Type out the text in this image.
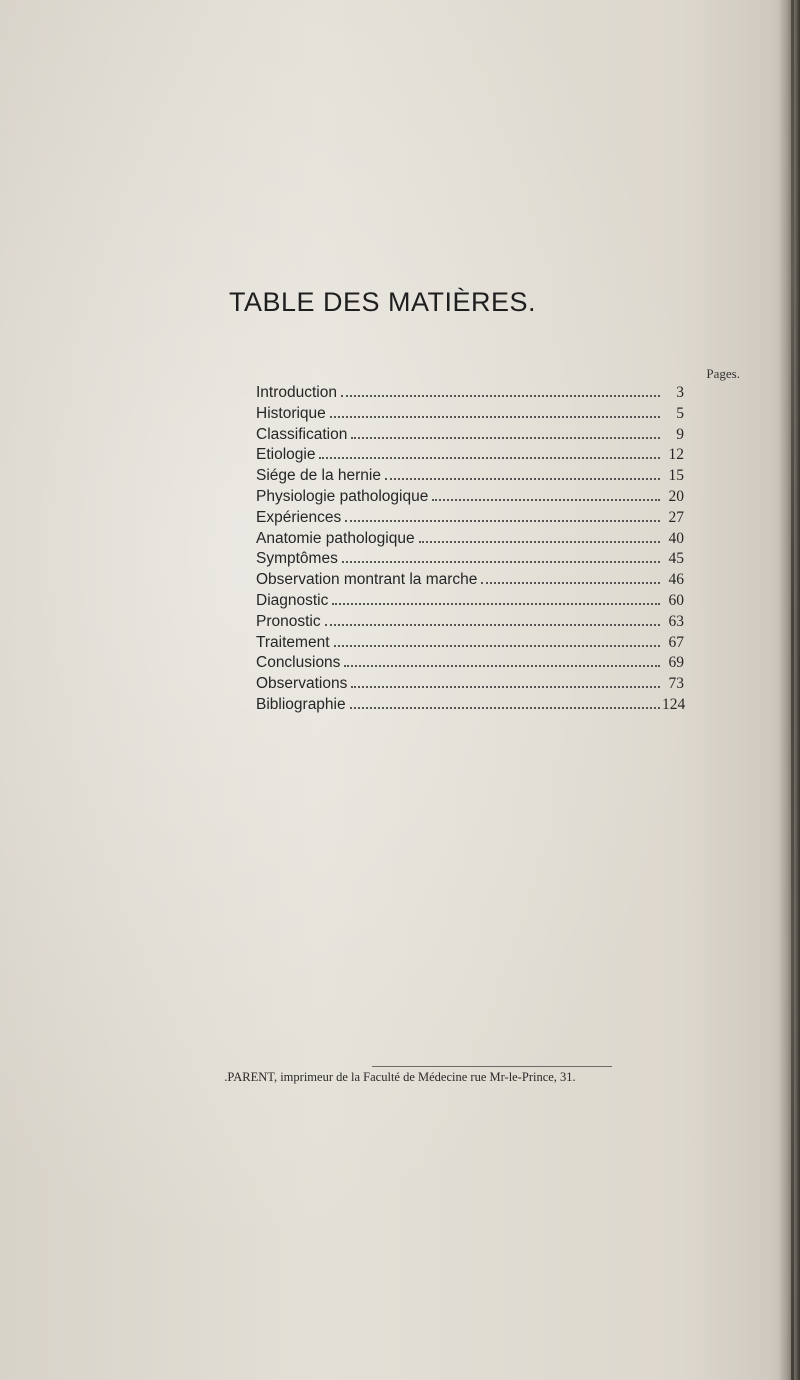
TABLE DES MATIÈRES.
Pages.
Introduction	3
Historique	5
Classification	9
Etiologie	12
Siége de la hernie	15
Physiologie pathologique	20
Expériences	27
Anatomie pathologique	40
Symptômes	45
Observation montrant la marche	46
Diagnostic	60
Pronostic	63
Traitement	67
Conclusions	69
Observations	73
Bibliographie	124
.PARENT, imprimeur de la Faculté de Médecine rue Mr-le-Prince, 31.
